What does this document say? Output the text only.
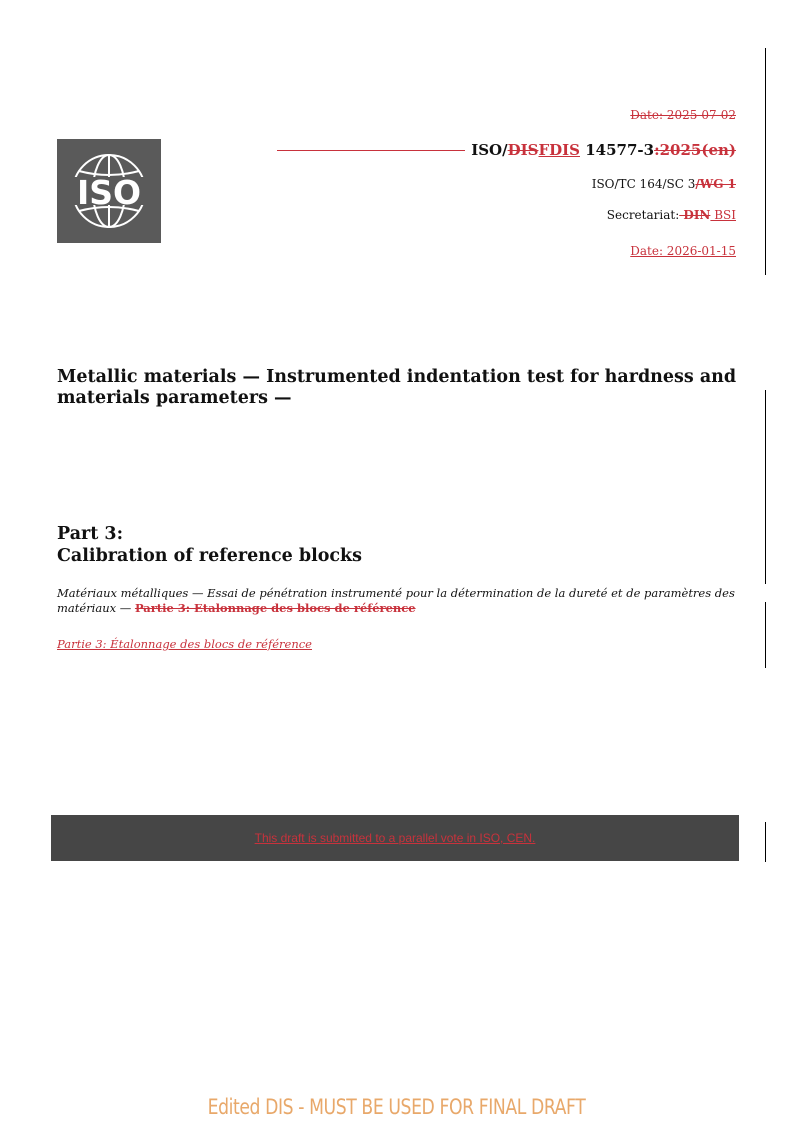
ISO
Date: 2025-07-02
ISO/DISFDIS 14577-3:2025(en)
ISO/TC 164/SC 3/WG 1
Secretariat: DIN BSI
Date: 2026-01-15
Metallic materials — Instrumented indentation test for hardness and materials parameters —
Part 3:
Calibration of reference blocks
Matériaux métalliques — Essai de pénétration instrumenté pour la détermination de la dureté et de paramètres des matériaux — Partie 3: Etalonnage des blocs de référence
Partie 3: Étalonnage des blocs de référence
This draft is submitted to a parallel vote in ISO, CEN.
Edited DIS - MUST BE USED FOR FINAL DRAFT
